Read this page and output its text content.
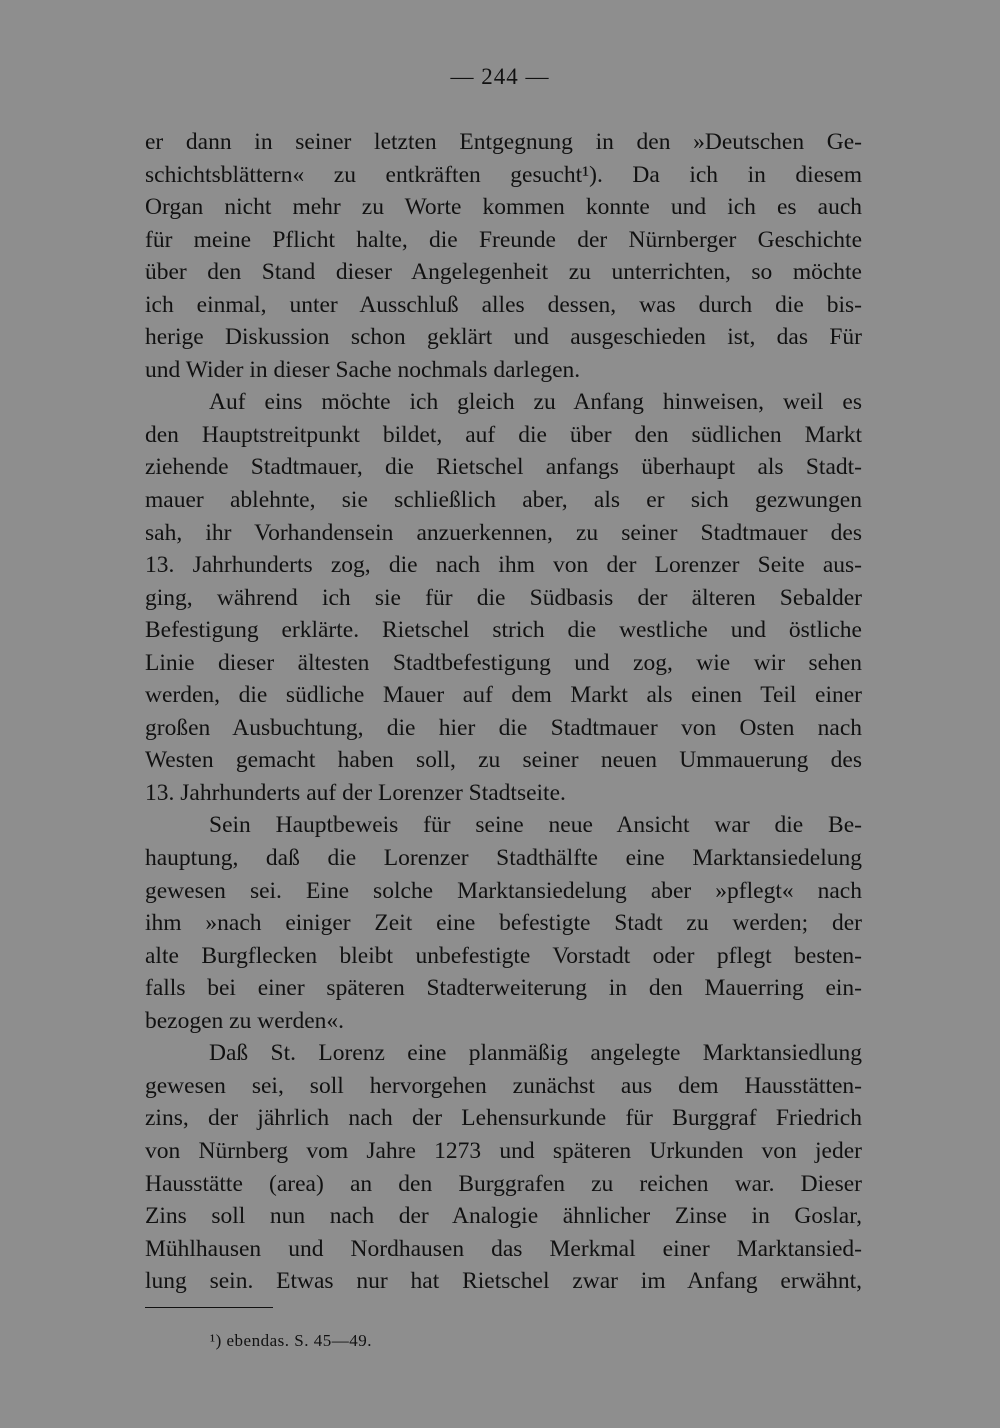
— 244 —
er dann in seiner letzten Entgegnung in den »Deutschen Ge-
schichtsblättern« zu entkräften gesucht¹). Da ich in diesem
Organ nicht mehr zu Worte kommen konnte und ich es auch
für meine Pflicht halte, die Freunde der Nürnberger Geschichte
über den Stand dieser Angelegenheit zu unterrichten, so möchte
ich einmal, unter Ausschluß alles dessen, was durch die bis-
herige Diskussion schon geklärt und ausgeschieden ist, das Für
und Wider in dieser Sache nochmals darlegen.
Auf eins möchte ich gleich zu Anfang hinweisen, weil es
den Hauptstreitpunkt bildet, auf die über den südlichen Markt
ziehende Stadtmauer, die Rietschel anfangs überhaupt als Stadt-
mauer ablehnte, sie schließlich aber, als er sich gezwungen
sah, ihr Vorhandensein anzuerkennen, zu seiner Stadtmauer des
13. Jahrhunderts zog, die nach ihm von der Lorenzer Seite aus-
ging, während ich sie für die Südbasis der älteren Sebalder
Befestigung erklärte. Rietschel strich die westliche und östliche
Linie dieser ältesten Stadtbefestigung und zog, wie wir sehen
werden, die südliche Mauer auf dem Markt als einen Teil einer
großen Ausbuchtung, die hier die Stadtmauer von Osten nach
Westen gemacht haben soll, zu seiner neuen Ummauerung des
13. Jahrhunderts auf der Lorenzer Stadtseite.
Sein Hauptbeweis für seine neue Ansicht war die Be-
hauptung, daß die Lorenzer Stadthälfte eine Marktansiedelung
gewesen sei. Eine solche Marktansiedelung aber »pflegt« nach
ihm »nach einiger Zeit eine befestigte Stadt zu werden; der
alte Burgflecken bleibt unbefestigte Vorstadt oder pflegt besten-
falls bei einer späteren Stadterweiterung in den Mauerring ein-
bezogen zu werden«.
Daß St. Lorenz eine planmäßig angelegte Marktansiedlung
gewesen sei, soll hervorgehen zunächst aus dem Hausstätten-
zins, der jährlich nach der Lehensurkunde für Burggraf Friedrich
von Nürnberg vom Jahre 1273 und späteren Urkunden von jeder
Hausstätte (area) an den Burggrafen zu reichen war. Dieser
Zins soll nun nach der Analogie ähnlicher Zinse in Goslar,
Mühlhausen und Nordhausen das Merkmal einer Marktansied-
lung sein. Etwas nur hat Rietschel zwar im Anfang erwähnt,
¹) ebendas. S. 45—49.
